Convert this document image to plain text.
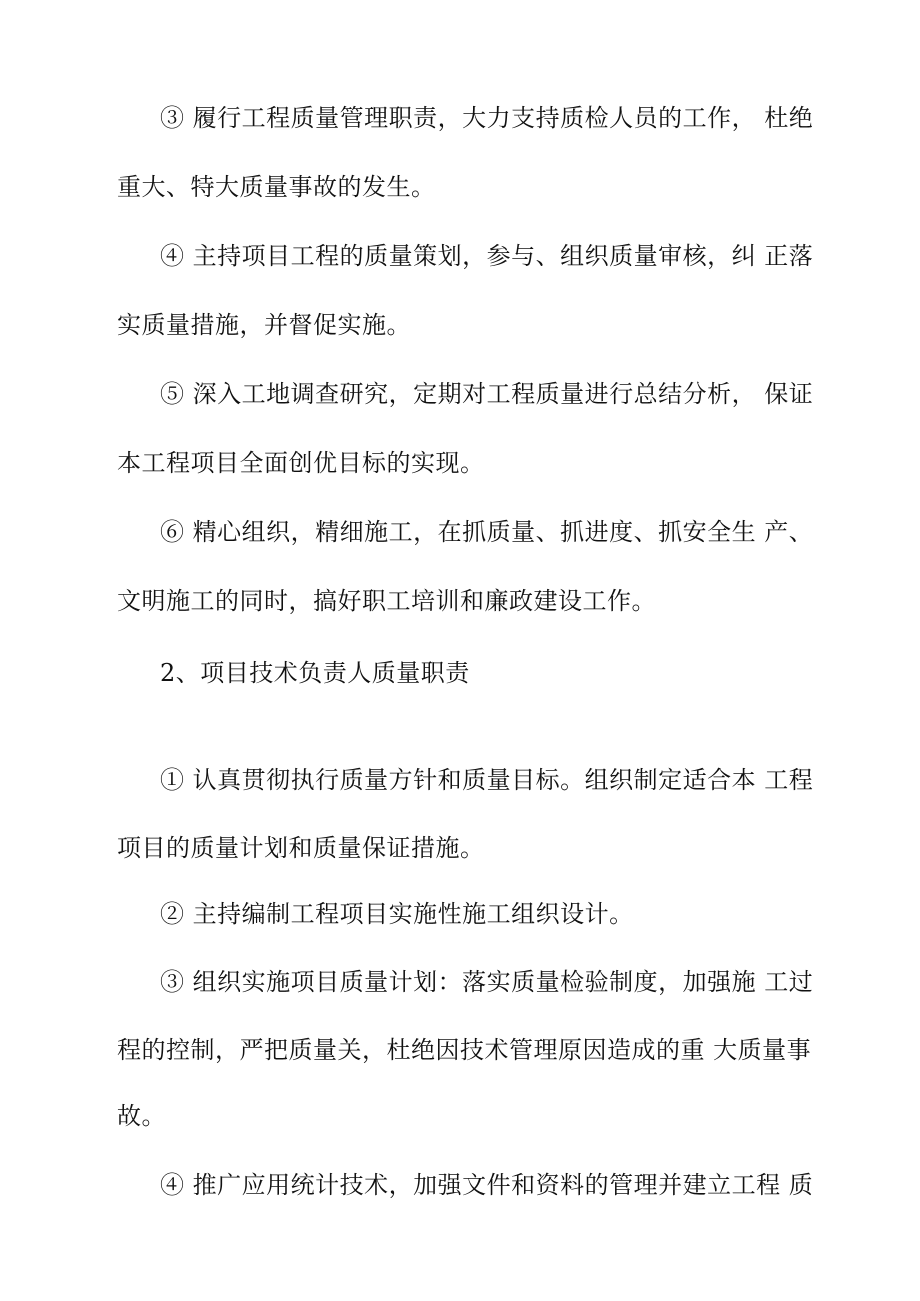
③ 履行工程质量管理职责，大力支持质检人员的工作， 杜绝
重大、特大质量事故的发生。
④ 主持项目工程的质量策划，参与、组织质量审核，纠 正落
实质量措施，并督促实施。
⑤ 深入工地调查研究，定期对工程质量进行总结分析， 保证
本工程项目全面创优目标的实现。
⑥ 精心组织，精细施工，在抓质量、抓进度、抓安全生 产、
文明施工的同时，搞好职工培训和廉政建设工作。
2、项目技术负责人质量职责
① 认真贯彻执行质量方针和质量目标。组织制定适合本 工程
项目的质量计划和质量保证措施。
② 主持编制工程项目实施性施工组织设计。
③ 组织实施项目质量计划：落实质量检验制度，加强施 工过
程的控制，严把质量关，杜绝因技术管理原因造成的重 大质量事
故。
④ 推广应用统计技术，加强文件和资料的管理并建立工程 质
